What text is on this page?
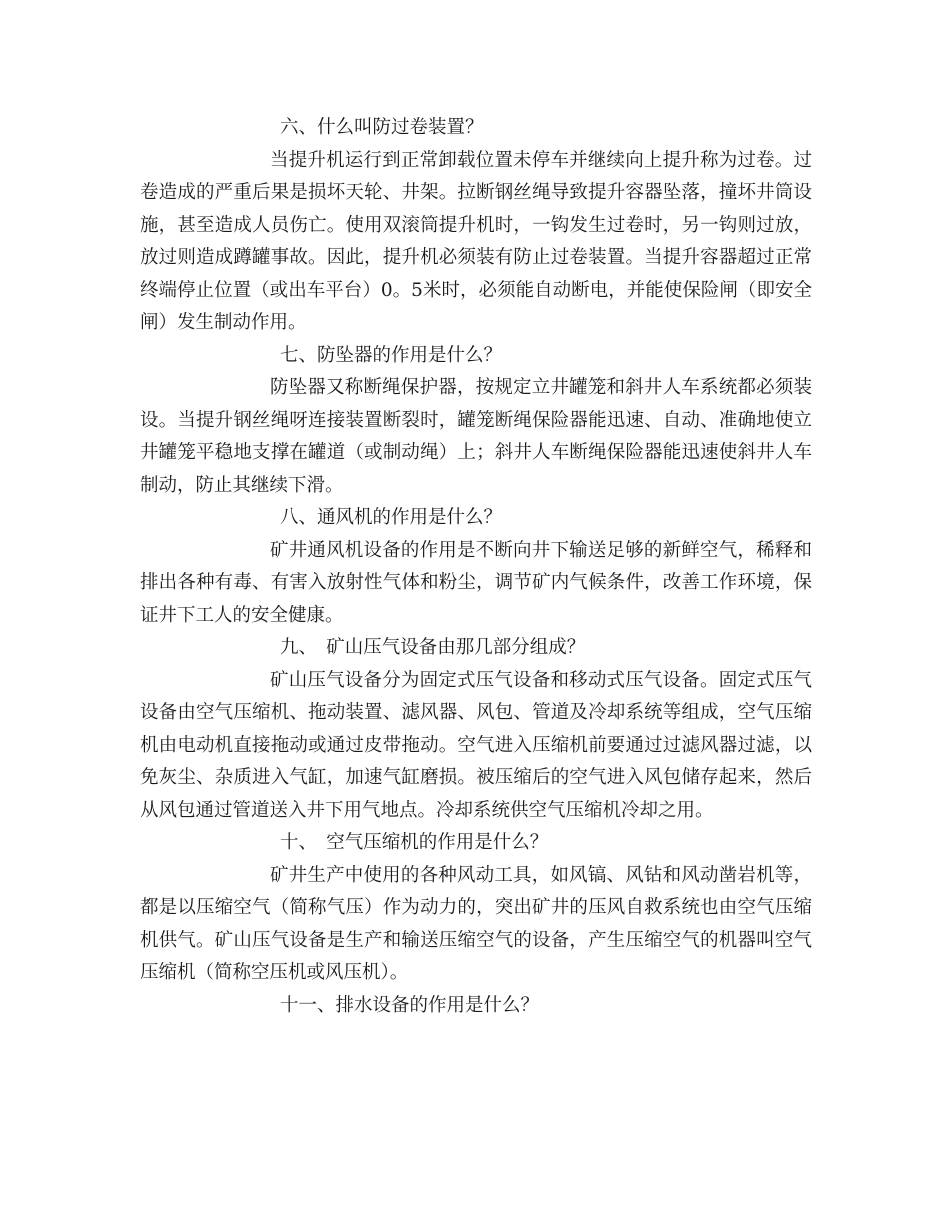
六、什么叫防过卷装置？

当提升机运行到正常卸载位置未停车并继续向上提升称为过卷。过卷造成的严重后果是损坏天轮、井架。拉断钢丝绳导致提升容器坠落，撞坏井筒设施，甚至造成人员伤亡。使用双滚筒提升机时，一钩发生过卷时，另一钩则过放，放过则造成蹲罐事故。因此，提升机必须装有防止过卷装置。当提升容器超过正常终端停止位置（或出车平台）0。5米时，必须能自动断电，并能使保险闸（即安全闸）发生制动作用。

七、防坠器的作用是什么？

防坠器又称断绳保护器，按规定立井罐笼和斜井人车系统都必须装设。当提升钢丝绳呀连接装置断裂时，罐笼断绳保险器能迅速、自动、准确地使立井罐笼平稳地支撑在罐道（或制动绳）上；斜井人车断绳保险器能迅速使斜井人车制动，防止其继续下滑。

八、通风机的作用是什么？

矿井通风机设备的作用是不断向井下输送足够的新鲜空气，稀释和排出各种有毒、有害入放射性气体和粉尘，调节矿内气候条件，改善工作环境，保证井下工人的安全健康。

九、　矿山压气设备由那几部分组成？

矿山压气设备分为固定式压气设备和移动式压气设备。固定式压气设备由空气压缩机、拖动装置、滤风器、风包、管道及冷却系统等组成，空气压缩机由电动机直接拖动或通过皮带拖动。空气进入压缩机前要通过过滤风器过滤，以免灰尘、杂质进入气缸，加速气缸磨损。被压缩后的空气进入风包储存起来，然后从风包通过管道送入井下用气地点。冷却系统供空气压缩机冷却之用。

十、　空气压缩机的作用是什么？

矿井生产中使用的各种风动工具，如风镐、风钻和风动凿岩机等，都是以压缩空气（简称气压）作为动力的，突出矿井的压风自救系统也由空气压缩机供气。矿山压气设备是生产和输送压缩空气的设备，产生压缩空气的机器叫空气压缩机（简称空压机或风压机）。

十一、排水设备的作用是什么？
